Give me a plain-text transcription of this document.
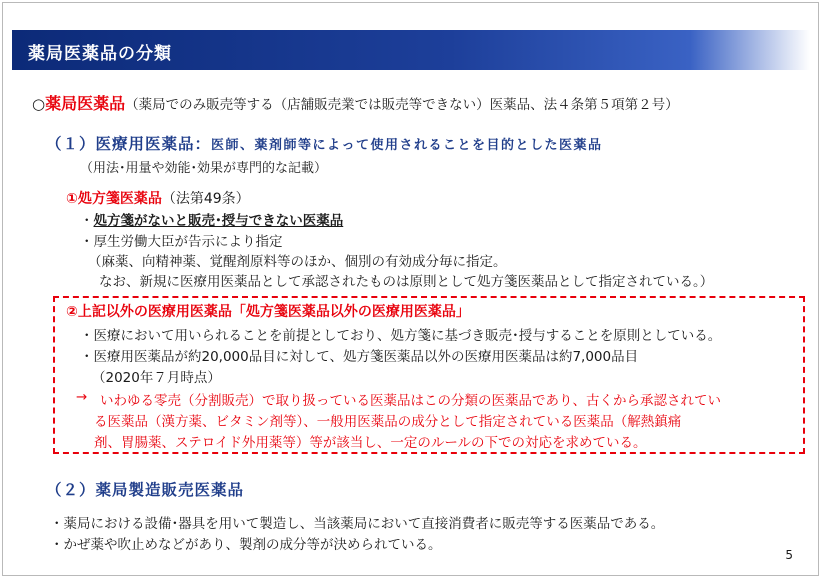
薬局医薬品の分類
○薬局医薬品（薬局でのみ販売等する（店舗販売業では販売等できない）医薬品、法４条第５項第２号）
（１）医療用医薬品：医師、薬剤師等によって使用されることを目的とした医薬品
（用法･用量や効能･効果が専門的な記載）
①処方箋医薬品（法第49条）
・処方箋がないと販売･授与できない医薬品
・厚生労働大臣が告示により指定
（麻薬、向精神薬、覚醒剤原料等のほか、個別の有効成分毎に指定。
なお、新規に医療用医薬品として承認されたものは原則として処方箋医薬品として指定されている。）
②上記以外の医療用医薬品「処方箋医薬品以外の医療用医薬品」
・医療において用いられることを前提としており、処方箋に基づき販売･授与することを原則としている。
・医療用医薬品が約20,000品目に対して、処方箋医薬品以外の医療用医薬品は約7,000品目
（2020年７月時点）
→ いわゆる零売（分割販売）で取り扱っている医薬品はこの分類の医薬品であり、古くから承認されてい
る医薬品（漢方薬、ビタミン剤等）、一般用医薬品の成分として指定されている医薬品（解熱鎮痛
剤、胃腸薬、ステロイド外用薬等）等が該当し、一定のルールの下での対応を求めている。
（２）薬局製造販売医薬品
・薬局における設備･器具を用いて製造し、当該薬局において直接消費者に販売等する医薬品である。
・かぜ薬や吹止めなどがあり、製剤の成分等が決められている。
5
